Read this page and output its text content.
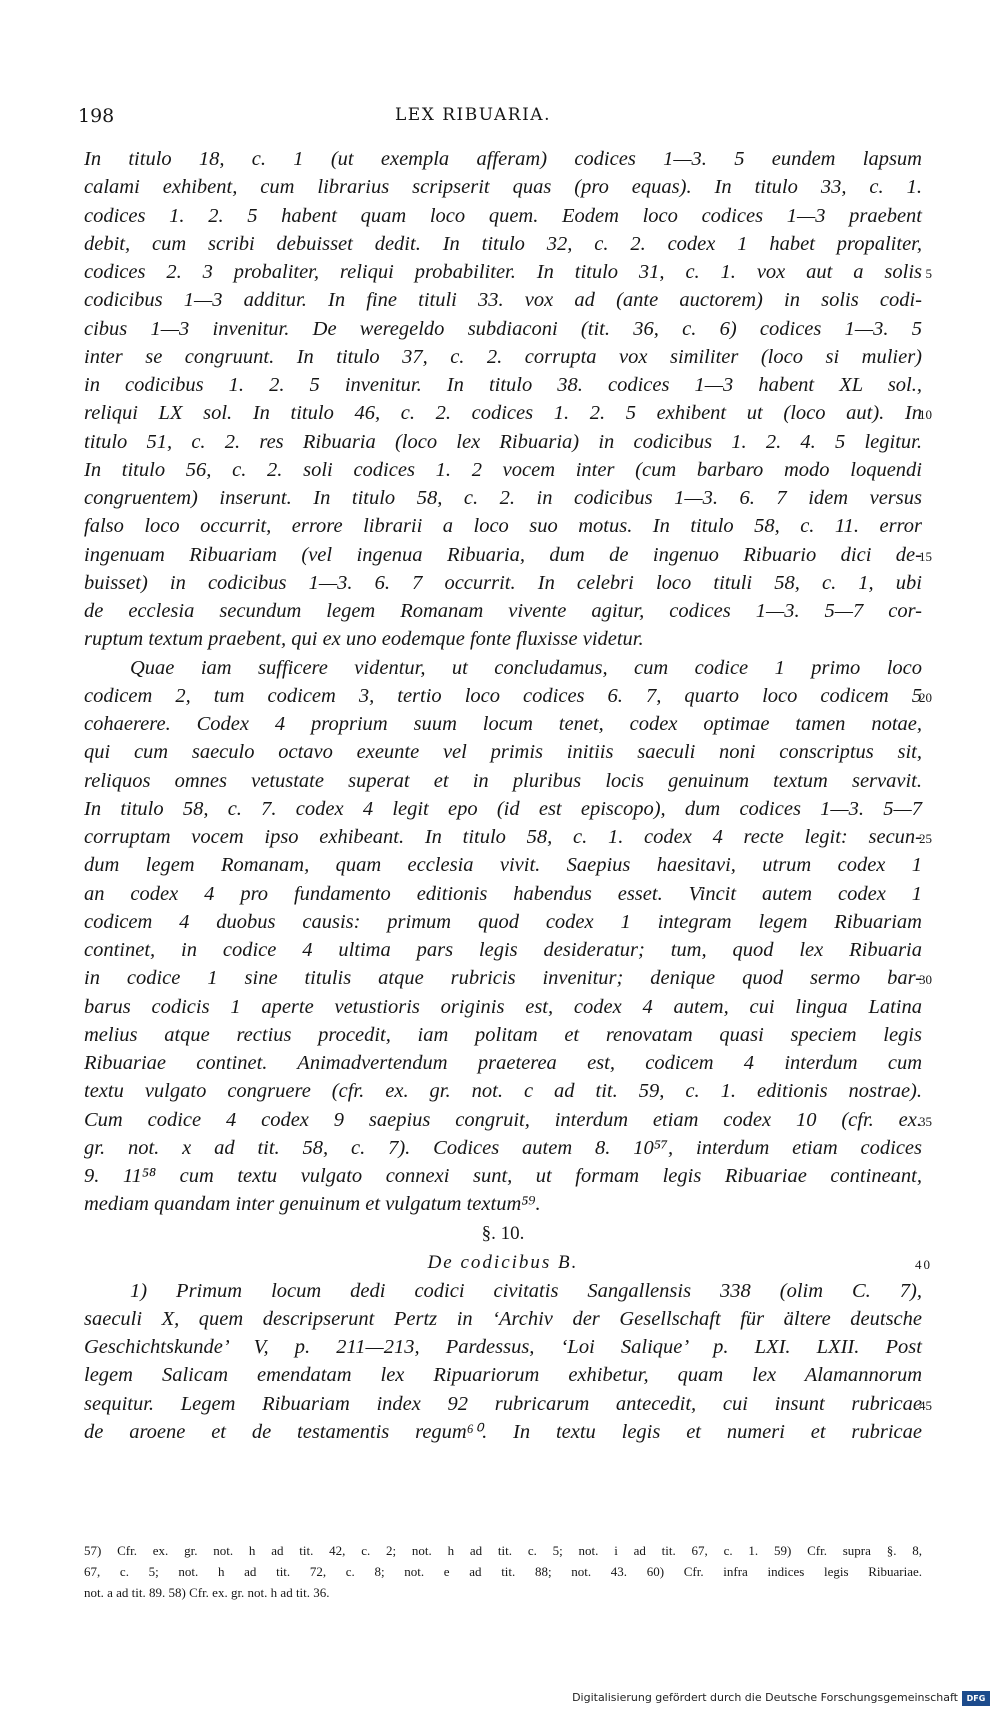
198	LEX RIBUARIA.
In titulo 18, c. 1 (ut exempla afferam) codices 1—3. 5 eundem lapsum
calami exhibent, cum librarius scripserit quas (pro equas). In titulo 33, c. 1.
codices 1. 2. 5 habent quam loco quem. Eodem loco codices 1—3 praebent
debit, cum scribi debuisset dedit. In titulo 32, c. 2. codex 1 habet propaliter,
codices 2. 3 probaliter, reliqui probabiliter. In titulo 31, c. 1. vox aut a solis 5
codicibus 1—3 additur. In fine tituli 33. vox ad (ante auctorem) in solis codi-
cibus 1—3 invenitur. De weregeldo subdiaconi (tit. 36, c. 6) codices 1—3. 5
inter se congruunt. In titulo 37, c. 2. corrupta vox similiter (loco si mulier)
in codicibus 1. 2. 5 invenitur. In titulo 38. codices 1—3 habent XL sol.,
reliqui LX sol. In titulo 46, c. 2. codices 1. 2. 5 exhibent ut (loco aut). In
10
titulo 51, c. 2. res Ribuaria (loco lex Ribuaria) in codicibus 1. 2. 4. 5 legitur.
In titulo 56, c. 2. soli codices 1. 2 vocem inter (cum barbaro modo loquendi
congruentem) inserunt. In titulo 58, c. 2. in codicibus 1—3. 6. 7 idem versus
falso loco occurrit, errore librarii a loco suo motus. In titulo 58, c. 11. error
ingenuam Ribuariam (vel ingenua Ribuaria, dum de ingenuo Ribuario dici de-
15
buisset) in codicibus 1—3. 6. 7 occurrit. In celebri loco tituli 58, c. 1, ubi
de ecclesia secundum legem Romanam vivente agitur, codices 1—3. 5—7 cor-
ruptum textum praebent, qui ex uno eodemque fonte fluxisse videtur.
Quae iam sufficere videntur, ut concludamus, cum codice 1 primo loco
codicem 2, tum codicem 3, tertio loco codices 6. 7, quarto loco codicem 5
20
cohaerere. Codex 4 proprium suum locum tenet, codex optimae tamen notae,
qui cum saeculo octavo exeunte vel primis initiis saeculi noni conscriptus sit,
reliquos omnes vetustate superat et in pluribus locis genuinum textum servavit.
In titulo 58, c. 7. codex 4 legit epo (id est episcopo), dum codices 1—3. 5—7
corruptam vocem ipso exhibeant. In titulo 58, c. 1. codex 4 recte legit: secun-
25
dum legem Romanam, quam ecclesia vivit. Saepius haesitavi, utrum codex 1
an codex 4 pro fundamento editionis habendus esset. Vincit autem codex 1
codicem 4 duobus causis: primum quod codex 1 integram legem Ribuariam
continet, in codice 4 ultima pars legis desideratur; tum, quod lex Ribuaria
in codice 1 sine titulis atque rubricis invenitur; denique quod sermo bar-
30
barus codicis 1 aperte vetustioris originis est, codex 4 autem, cui lingua Latina
melius atque rectius procedit, iam politam et renovatam quasi speciem legis
Ribuariae continet. Animadvertendum praeterea est, codicem 4 interdum cum
textu vulgato congruere (cfr. ex. gr. not. c ad tit. 59, c. 1. editionis nostrae).
Cum codice 4 codex 9 saepius congruit, interdum etiam codex 10 (cfr. ex.
35
gr. not. x ad tit. 58, c. 7). Codices autem 8. 10⁵⁷, interdum etiam codices
9. 11⁵⁸ cum textu vulgato connexi sunt, ut formam legis Ribuariae contineant,
mediam quandam inter genuinum et vulgatum textum⁵⁹.
§. 10.
De codicibus B.	40
1) Primum locum dedi codici civitatis Sangallensis 338 (olim C. 7),
saeculi X, quem descripserunt Pertz in ‘Archiv der Gesellschaft für ältere deutsche
Geschichtskunde’ V, p. 211—213, Pardessus, ‘Loi Salique’ p. LXI. LXII. Post
legem Salicam emendatam lex Ripuariorum exhibetur, quam lex Alamannorum
sequitur. Legem Ribuariam index 92 rubricarum antecedit, cui insunt rubricae
45
de aroene et de testamentis regum⁶⁰. In textu legis et numeri et rubricae
57) Cfr. ex. gr. not. h ad tit. 42, c. 2; not. h ad tit. c. 5; not. i ad tit. 67, c. 1. 59) Cfr. supra §. 8,
67, c. 5; not. h ad tit. 72, c. 8; not. e ad tit. 88; not. 43. 60) Cfr. infra indices legis Ribuariae.
not. a ad tit. 89. 58) Cfr. ex. gr. not. h ad tit. 36.
Digitalisierung gefördert durch die Deutsche Forschungsgemeinschaft	DFG
